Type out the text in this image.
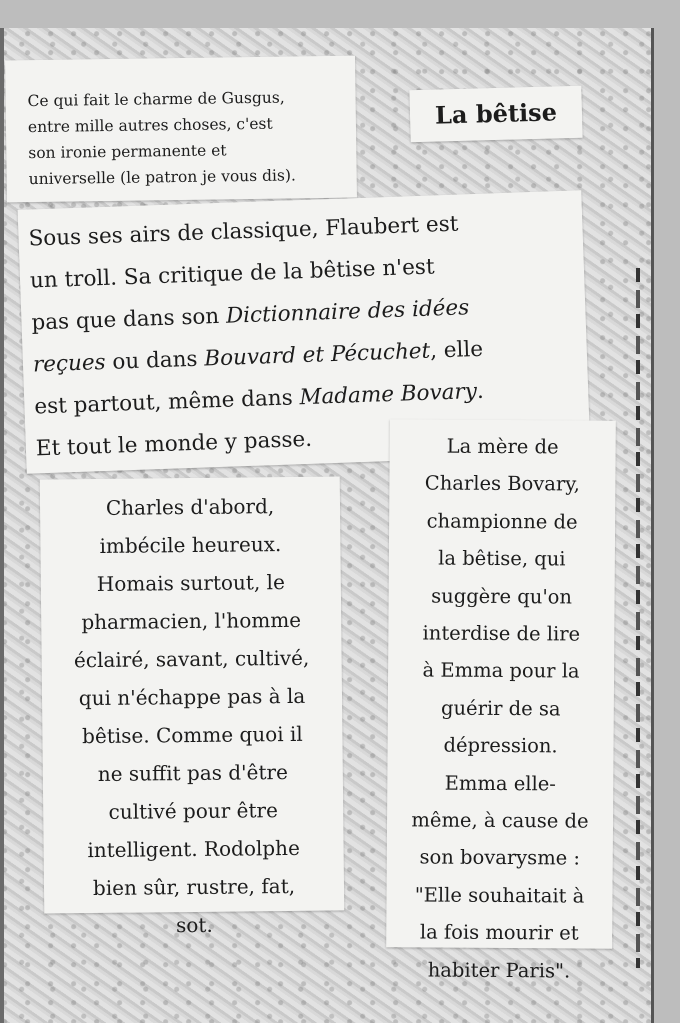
Ce qui fait le charme de Gusgus,
entre mille autres choses, c'est
son ironie permanente et
universelle (le patron je vous dis).
La bêtise
Sous ses airs de classique, Flaubert est
un troll. Sa critique de la bêtise n'est
pas que dans son Dictionnaire des idées
reçues ou dans Bouvard et Pécuchet, elle
est partout, même dans Madame Bovary.
Et tout le monde y passe.
Charles d'abord,
imbécile heureux.
Homais surtout, le
pharmacien, l'homme
éclairé, savant, cultivé,
qui n'échappe pas à la
bêtise. Comme quoi il
ne suffit pas d'être
cultivé pour être
intelligent. Rodolphe
bien sûr, rustre, fat,
sot.
La mère de
Charles Bovary,
championne de
la bêtise, qui
suggère qu'on
interdise de lire
à Emma pour la
guérir de sa
dépression.
Emma elle-
même, à cause de
son bovarysme :
"Elle souhaitait à
la fois mourir et
habiter Paris".
